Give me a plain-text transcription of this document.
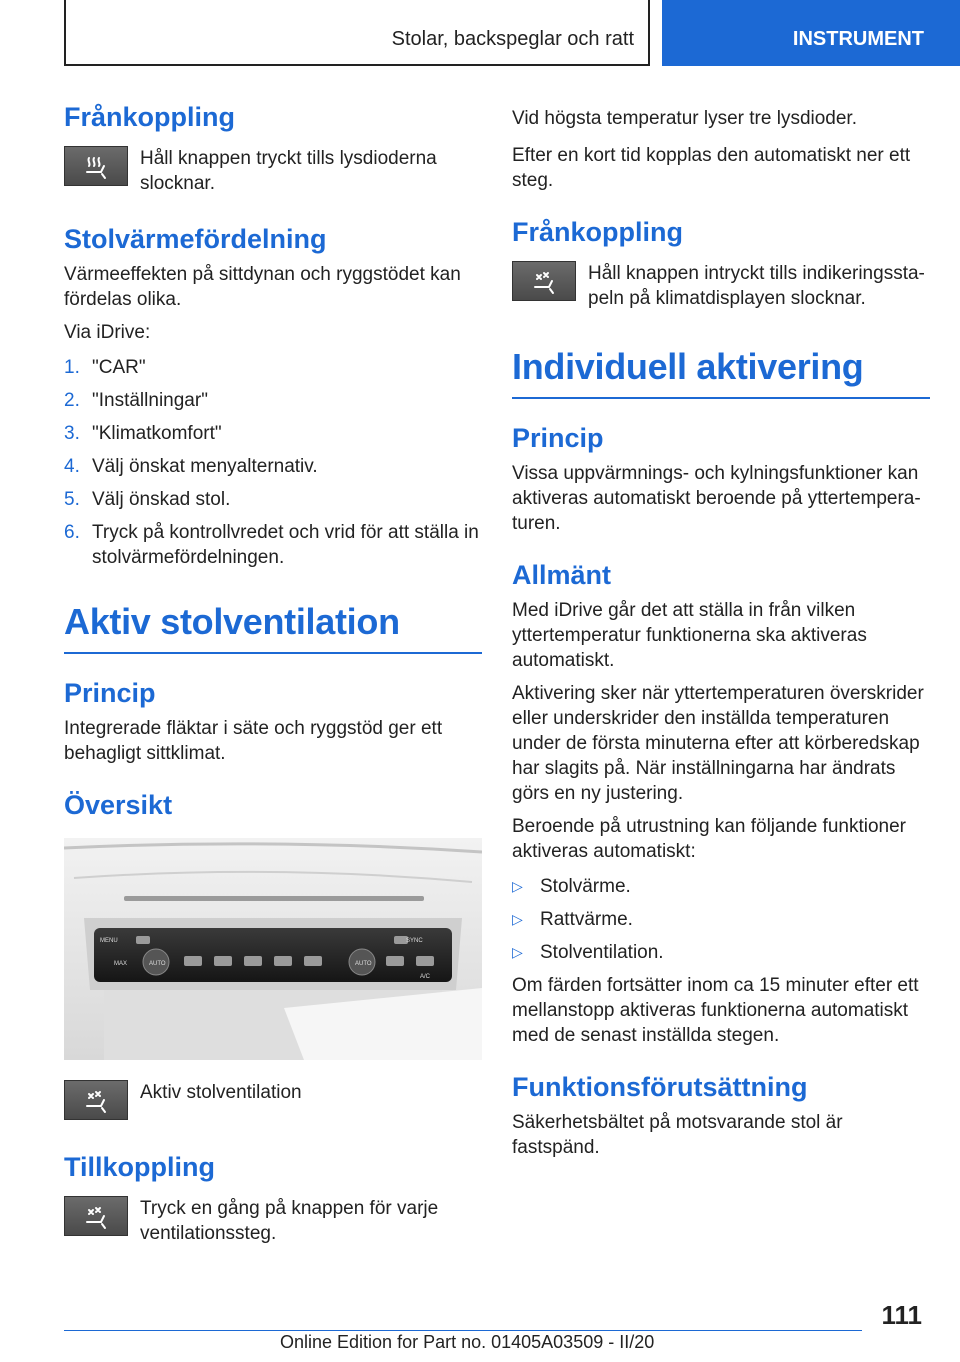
Stolar, backspeglar och ratt	INSTRUMENT
Frånkoppling
Håll knappen tryckt tills lysdioderna slocknar.
Stolvärmefördelning
Värmeeffekten på sittdynan och ryggstödet kan fördelas olika.
Via iDrive:
1. "CAR"
2. "Inställningar"
3. "Klimatkomfort"
4. Välj önskat menyalternativ.
5. Välj önskad stol.
6. Tryck på kontrollvredet och vrid för att ställa in stolvärmefördelningen.
Aktiv stolventilation
Princip
Integrerade fläktar i säte och ryggstöd ger ett behagligt sittklimat.
Översikt
MENU	SYNC
MAX	AUTO	AUTO
A/C
Aktiv stolventilation
Tillkoppling
Tryck en gång på knappen för varje ventilationssteg.
Vid högsta temperatur lyser tre lysdioder.
Efter en kort tid kopplas den automatiskt ner ett steg.
Frånkoppling
Håll knappen intryckt tills indikeringsstapeln på klimatdisplayen slocknar.
Individuell aktivering
Princip
Vissa uppvärmnings- och kylningsfunktioner kan aktiveras automatiskt beroende på yttertemperaturen.
Allmänt
Med iDrive går det att ställa in från vilken yttertemperatur funktionerna ska aktiveras automatiskt.
Aktivering sker när yttertemperaturen överskrider eller underskrider den inställda temperaturen under de första minuterna efter att körberedskap har slagits på. När inställningarna har ändrats görs en ny justering.
Beroende på utrustning kan följande funktioner aktiveras automatiskt:
▷ Stolvärme.
▷ Rattvärme.
▷ Stolventilation.
Om färden fortsätter inom ca 15 minuter efter ett mellanstopp aktiveras funktionerna automatiskt med de senast inställda stegen.
Funktionsförutsättning
Säkerhetsbältet på motsvarande stol är fastspänd.
111
Online Edition for Part no. 01405A03509 - II/20
